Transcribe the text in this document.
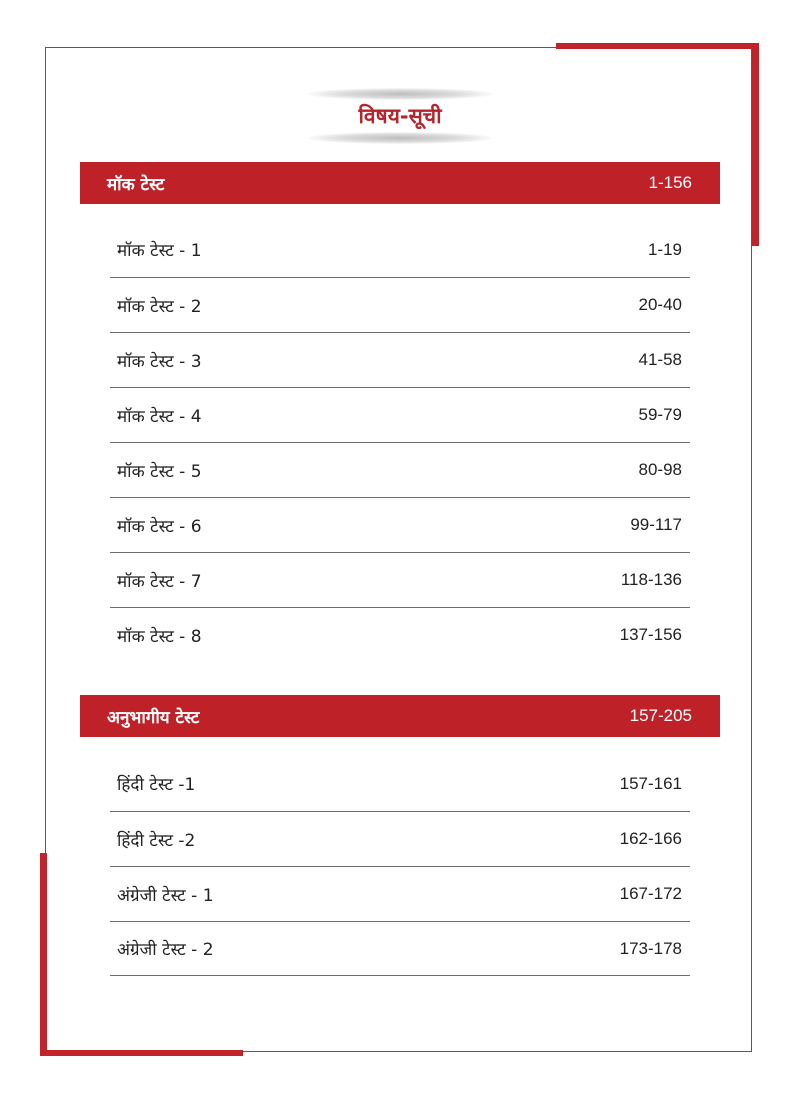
विषय-सूची
मॉक टेस्ट	1-156
मॉक टेस्ट - 1	1-19
मॉक टेस्ट - 2	20-40
मॉक टेस्ट - 3	41-58
मॉक टेस्ट - 4	59-79
मॉक टेस्ट - 5	80-98
मॉक टेस्ट - 6	99-117
मॉक टेस्ट - 7	118-136
मॉक टेस्ट - 8	137-156
अनुभागीय टेस्ट	157-205
हिंदी टेस्ट -1	157-161
हिंदी टेस्ट -2	162-166
अंग्रेजी टेस्ट - 1	167-172
अंग्रेजी टेस्ट - 2	173-178
